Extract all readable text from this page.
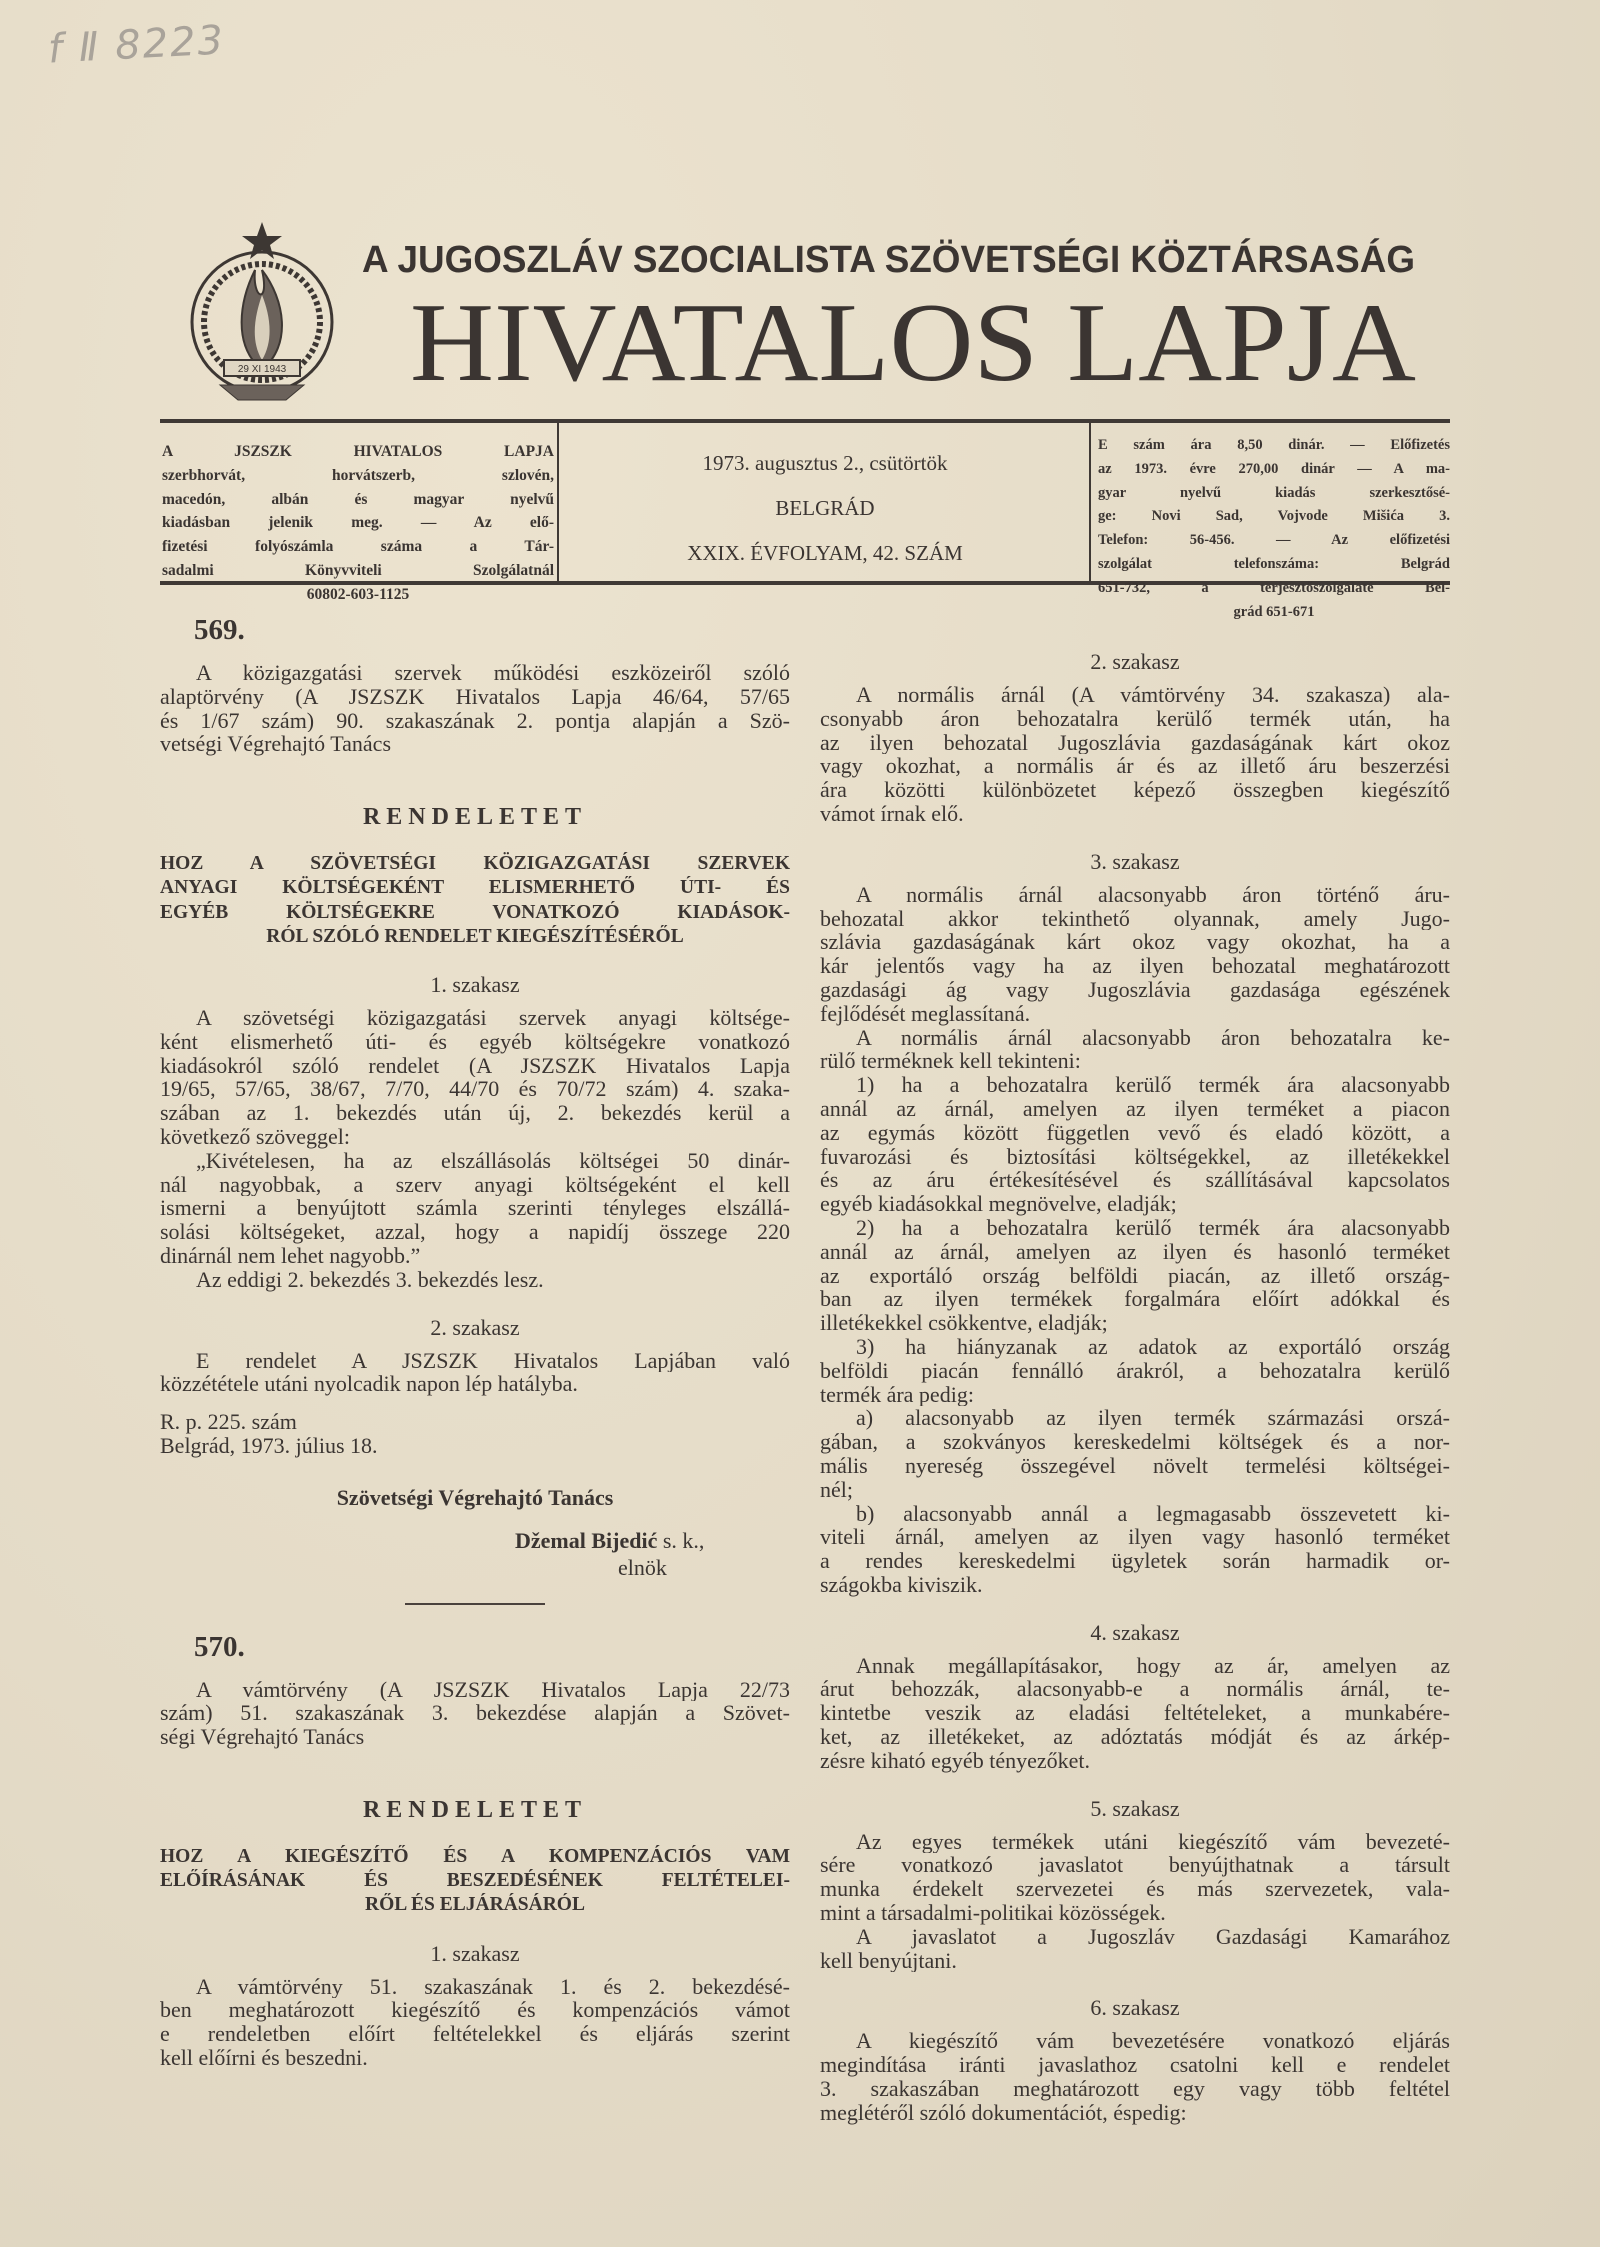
f Ⅱ 8223
29 XI 1943
A JUGOSZLÁV SZOCIALISTA SZÖVETSÉGI KÖZTÁRSASÁG
HIVATALOS LAPJA
A JSZSZK HIVATALOS LAPJA
szerbhorvát, horvátszerb, szlovén,
macedón, albán és magyar nyelvű
kiadásban jelenik meg. — Az elő-
fizetési folyószámla száma a Tár-
sadalmi Könyvviteli Szolgálatnál
60802-603-1125
1973. augusztus 2., csütörtök
BELGRÁD
XXIX. ÉVFOLYAM, 42. SZÁM
E szám ára 8,50 dinár. — Előfizetés
az 1973. évre 270,00 dinár — A ma-
gyar nyelvű kiadás szerkesztősé-
ge: Novi Sad, Vojvode Mišića 3.
Telefon: 56-456. — Az előfizetési
szolgálat telefonszáma: Belgrád
651-732, a terjesztőszolgálaté Bel-
grád 651-671
569.
A közigazgatási szervek működési eszközeiről szóló
alaptörvény (A JSZSZK Hivatalos Lapja 46/64, 57/65
és 1/67 szám) 90. szakaszának 2. pontja alapján a Szö-
vetségi Végrehajtó Tanács
RENDELETET
HOZ A SZÖVETSÉGI KÖZIGAZGATÁSI SZERVEK
ANYAGI KÖLTSÉGEKÉNT ELISMERHETŐ ÚTI- ÉS
EGYÉB KÖLTSÉGEKRE VONATKOZÓ KIADÁSOK-
RÓL SZÓLÓ RENDELET KIEGÉSZÍTÉSÉRŐL
1. szakasz
A szövetségi közigazgatási szervek anyagi költsége-
ként elismerhető úti- és egyéb költségekre vonatkozó
kiadásokról szóló rendelet (A JSZSZK Hivatalos Lapja
19/65, 57/65, 38/67, 7/70, 44/70 és 70/72 szám) 4. szaka-
szában az 1. bekezdés után új, 2. bekezdés kerül a
következő szöveggel:
„Kivételesen, ha az elszállásolás költségei 50 dinár-
nál nagyobbak, a szerv anyagi költségeként el kell
ismerni a benyújtott számla szerinti tényleges elszállá-
solási költségeket, azzal, hogy a napidíj összege 220
dinárnál nem lehet nagyobb.”
Az eddigi 2. bekezdés 3. bekezdés lesz.
2. szakasz
E rendelet A JSZSZK Hivatalos Lapjában való
közzététele utáni nyolcadik napon lép hatályba.
R. p. 225. szám
Belgrád, 1973. július 18.
Szövetségi Végrehajtó Tanács
Džemal Bijedić s. k.,
elnök
570.
A vámtörvény (A JSZSZK Hivatalos Lapja 22/73
szám) 51. szakaszának 3. bekezdése alapján a Szövet-
ségi Végrehajtó Tanács
RENDELETET
HOZ A KIEGÉSZÍTŐ ÉS A KOMPENZÁCIÓS VAM
ELŐÍRÁSÁNAK ÉS BESZEDÉSÉNEK FELTÉTELEI-
RŐL ÉS ELJÁRÁSÁRÓL
1. szakasz
A vámtörvény 51. szakaszának 1. és 2. bekezdésé-
ben meghatározott kiegészítő és kompenzációs vámot
e rendeletben előírt feltételekkel és eljárás szerint
kell előírni és beszedni.
2. szakasz
A normális árnál (A vámtörvény 34. szakasza) ala-
csonyabb áron behozatalra kerülő termék után, ha
az ilyen behozatal Jugoszlávia gazdaságának kárt okoz
vagy okozhat, a normális ár és az illető áru beszerzési
ára közötti különbözetet képező összegben kiegészítő
vámot írnak elő.
3. szakasz
A normális árnál alacsonyabb áron történő áru-
behozatal akkor tekinthető olyannak, amely Jugo-
szlávia gazdaságának kárt okoz vagy okozhat, ha a
kár jelentős vagy ha az ilyen behozatal meghatározott
gazdasági ág vagy Jugoszlávia gazdasága egészének
fejlődését meglassítaná.
A normális árnál alacsonyabb áron behozatalra ke-
rülő terméknek kell tekinteni:
1) ha a behozatalra kerülő termék ára alacsonyabb
annál az árnál, amelyen az ilyen terméket a piacon
az egymás között független vevő és eladó között, a
fuvarozási és biztosítási költségekkel, az illetékekkel
és az áru értékesítésével és szállításával kapcsolatos
egyéb kiadásokkal megnövelve, eladják;
2) ha a behozatalra kerülő termék ára alacsonyabb
annál az árnál, amelyen az ilyen és hasonló terméket
az exportáló ország belföldi piacán, az illető ország-
ban az ilyen termékek forgalmára előírt adókkal és
illetékekkel csökkentve, eladják;
3) ha hiányzanak az adatok az exportáló ország
belföldi piacán fennálló árakról, a behozatalra kerülő
termék ára pedig:
a) alacsonyabb az ilyen termék származási orszá-
gában, a szokványos kereskedelmi költségek és a nor-
mális nyereség összegével növelt termelési költségei-
nél;
b) alacsonyabb annál a legmagasabb összevetett ki-
viteli árnál, amelyen az ilyen vagy hasonló terméket
a rendes kereskedelmi ügyletek során harmadik or-
szágokba kiviszik.
4. szakasz
Annak megállapításakor, hogy az ár, amelyen az
árut behozzák, alacsonyabb-e a normális árnál, te-
kintetbe veszik az eladási feltételeket, a munkabére-
ket, az illetékeket, az adóztatás módját és az árkép-
zésre kiható egyéb tényezőket.
5. szakasz
Az egyes termékek utáni kiegészítő vám bevezeté-
sére vonatkozó javaslatot benyújthatnak a társult
munka érdekelt szervezetei és más szervezetek, vala-
mint a társadalmi-politikai közösségek.
A javaslatot a Jugoszláv Gazdasági Kamarához
kell benyújtani.
6. szakasz
A kiegészítő vám bevezetésére vonatkozó eljárás
megindítása iránti javaslathoz csatolni kell e rendelet
3. szakaszában meghatározott egy vagy több feltétel
meglétéről szóló dokumentációt, éspedig:
